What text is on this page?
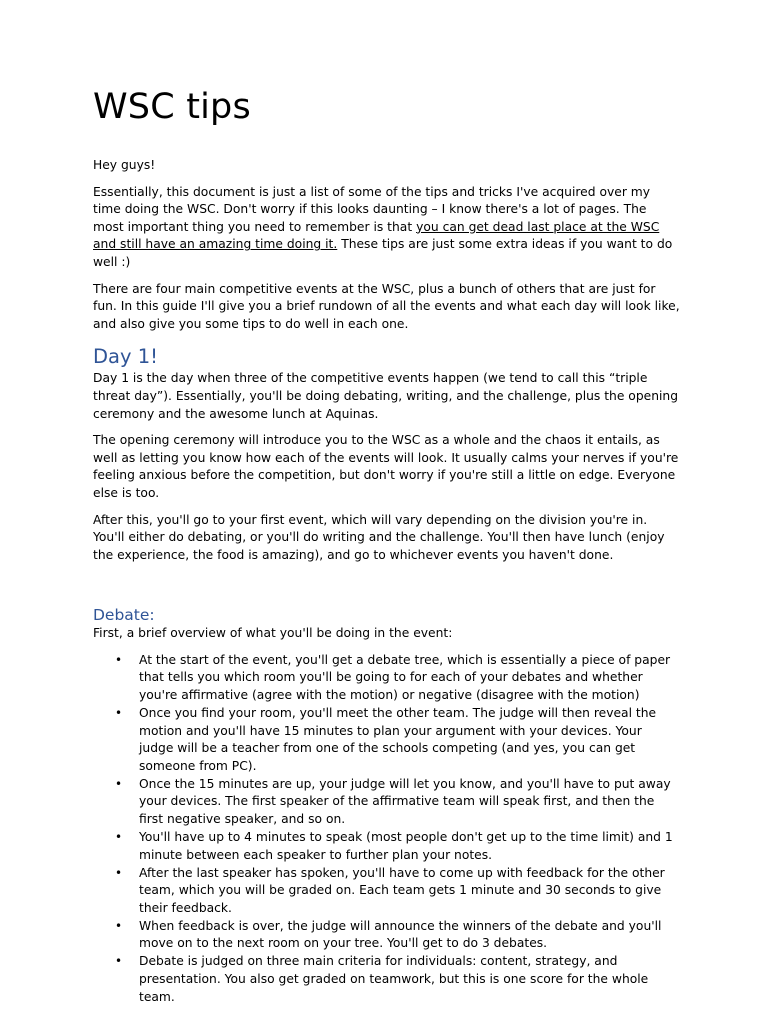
WSC tips

Hey guys!

Essentially, this document is just a list of some of the tips and tricks I've acquired over my time doing the WSC. Don't worry if this looks daunting – I know there's a lot of pages. The most important thing you need to remember is that you can get dead last place at the WSC and still have an amazing time doing it. These tips are just some extra ideas if you want to do well :)

There are four main competitive events at the WSC, plus a bunch of others that are just for fun. In this guide I'll give you a brief rundown of all the events and what each day will look like, and also give you some tips to do well in each one.

Day 1!

Day 1 is the day when three of the competitive events happen (we tend to call this “triple threat day”). Essentially, you'll be doing debating, writing, and the challenge, plus the opening ceremony and the awesome lunch at Aquinas.

The opening ceremony will introduce you to the WSC as a whole and the chaos it entails, as well as letting you know how each of the events will look. It usually calms your nerves if you're feeling anxious before the competition, but don't worry if you're still a little on edge. Everyone else is too.

After this, you'll go to your first event, which will vary depending on the division you're in. You'll either do debating, or you'll do writing and the challenge. You'll then have lunch (enjoy the experience, the food is amazing), and go to whichever events you haven't done.

Debate:

First, a brief overview of what you'll be doing in the event:

• At the start of the event, you'll get a debate tree, which is essentially a piece of paper that tells you which room you'll be going to for each of your debates and whether you're affirmative (agree with the motion) or negative (disagree with the motion)
• Once you find your room, you'll meet the other team. The judge will then reveal the motion and you'll have 15 minutes to plan your argument with your devices. Your judge will be a teacher from one of the schools competing (and yes, you can get someone from PC).
• Once the 15 minutes are up, your judge will let you know, and you'll have to put away your devices. The first speaker of the affirmative team will speak first, and then the first negative speaker, and so on.
• You'll have up to 4 minutes to speak (most people don't get up to the time limit) and 1 minute between each speaker to further plan your notes.
• After the last speaker has spoken, you'll have to come up with feedback for the other team, which you will be graded on. Each team gets 1 minute and 30 seconds to give their feedback.
• When feedback is over, the judge will announce the winners of the debate and you'll move on to the next room on your tree. You'll get to do 3 debates.
• Debate is judged on three main criteria for individuals: content, strategy, and presentation. You also get graded on teamwork, but this is one score for the whole team.
